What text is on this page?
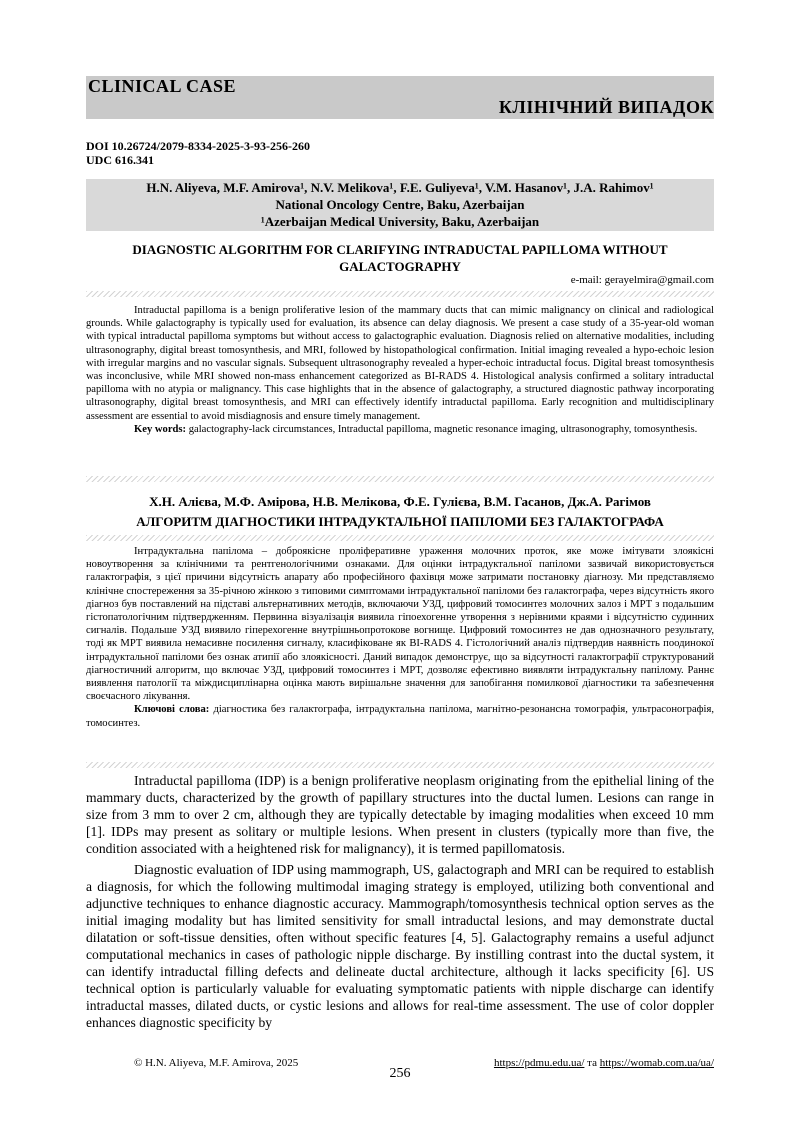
CLINICAL CASE
КЛІНІЧНИЙ ВИПАДОК
DOI 10.26724/2079-8334-2025-3-93-256-260
UDC 616.341
H.N. Aliyeva, M.F. Amirova¹, N.V. Melikova¹, F.E. Guliyeva¹, V.M. Hasanov¹, J.A. Rahimov¹
National Oncology Centre, Baku, Azerbaijan
¹Azerbaijan Medical University, Baku, Azerbaijan
DIAGNOSTIC ALGORITHM FOR CLARIFYING INTRADUCTAL PAPILLOMA WITHOUT
GALACTOGRAPHY
e-mail: gerayelmira@gmail.com

Intraductal papilloma is a benign proliferative lesion of the mammary ducts that can mimic malignancy on clinical and radiological grounds. While galactography is typically used for evaluation, its absence can delay diagnosis. We present a case study of a 35-year-old woman with typical intraductal papilloma symptoms but without access to galactographic evaluation. Diagnosis relied on alternative modalities, including ultrasonography, digital breast tomosynthesis, and MRI, followed by histopathological confirmation. Initial imaging revealed a hypo-echoic lesion with irregular margins and no vascular signals. Subsequent ultrasonography revealed a hyper-echoic intraductal focus. Digital breast tomosynthesis was inconclusive, while MRI showed non-mass enhancement categorized as BI-RADS 4. Histological analysis confirmed a solitary intraductal papilloma with no atypia or malignancy. This case highlights that in the absence of galactography, a structured diagnostic pathway incorporating ultrasonography, digital breast tomosynthesis, and MRI can effectively identify intraductal papilloma. Early recognition and multidisciplinary assessment are essential to avoid misdiagnosis and ensure timely management.

Key words: galactography-lack circumstances, Intraductal papilloma, magnetic resonance imaging, ultrasonography, tomosynthesis.

Х.Н. Алієва, М.Ф. Амірова, Н.В. Мелікова, Ф.Е. Гулієва, В.М. Гасанов, Дж.А. Рагімов
АЛГОРИТМ ДІАГНОСТИКИ ІНТРАДУКТАЛЬНОЇ ПАПІЛОМИ БЕЗ ГАЛАКТОГРАФА

Інтрадуктальна папілома – доброякісне проліферативне ураження молочних проток, яке може імітувати злоякісні новоутворення за клінічними та рентгенологічними ознаками. Для оцінки інтрадуктальної папіломи зазвичай використовується галактографія, з цієї причини відсутність апарату або професійного фахівця може затримати постановку діагнозу. Ми представляємо клінічне спостереження за 35-річною жінкою з типовими симптомами інтрадуктальної папіломи без галактографа, через відсутність якого діагноз був поставлений на підставі альтернативних методів, включаючи УЗД, цифровий томосинтез молочних залоз і МРТ з подальшим гістопатологічним підтвердженням. Первинна візуалізація виявила гіпоехогенне утворення з нерівними краями і відсутністю судинних сигналів. Подальше УЗД виявило гіперехогенне внутрішньопротокове вогнище. Цифровий томосинтез не дав однозначного результату, тоді як МРТ виявила немасивне посилення сигналу, класифіковане як BI-RADS 4. Гістологічний аналіз підтвердив наявність поодинокої інтрадуктальної папіломи без ознак атипії або злоякісності. Даний випадок демонструє, що за відсутності галактографії структурований діагностичний алгоритм, що включає УЗД, цифровий томосинтез і МРТ, дозволяє ефективно виявляти інтрадуктальну папілому. Раннє виявлення патології та міждисциплінарна оцінка мають вирішальне значення для запобігання помилкової діагностики та забезпечення своєчасного лікування.

Ключові слова: діагностика без галактографа, інтрадуктальна папілома, магнітно-резонансна томографія, ультрасонографія, томосинтез.

Intraductal papilloma (IDP) is a benign proliferative neoplasm originating from the epithelial lining of the mammary ducts, characterized by the growth of papillary structures into the ductal lumen. Lesions can range in size from 3 mm to over 2 cm, although they are typically detectable by imaging modalities when exceed 10 mm [1]. IDPs may present as solitary or multiple lesions. When present in clusters (typically more than five, the condition associated with a heightened risk for malignancy), it is termed papillomatosis.

Diagnostic evaluation of IDP using mammograph, US, galactograph and MRI can be required to establish a diagnosis, for which the following multimodal imaging strategy is employed, utilizing both conventional and adjunctive techniques to enhance diagnostic accuracy. Mammograph/tomosynthesis technical option serves as the initial imaging modality but has limited sensitivity for small intraductal lesions, and may demonstrate ductal dilatation or soft-tissue densities, often without specific features [4, 5]. Galactography remains a useful adjunct computational mechanics in cases of pathologic nipple discharge. By instilling contrast into the ductal system, it can identify intraductal filling defects and delineate ductal architecture, although it lacks specificity [6]. US technical option is particularly valuable for evaluating symptomatic patients with nipple discharge can identify intraductal masses, dilated ducts, or cystic lesions and allows for real-time assessment. The use of color doppler enhances diagnostic specificity by

© H.N. Aliyeva, M.F. Amirova, 2025	https://pdmu.edu.ua/ та https://womab.com.ua/ua/
256
